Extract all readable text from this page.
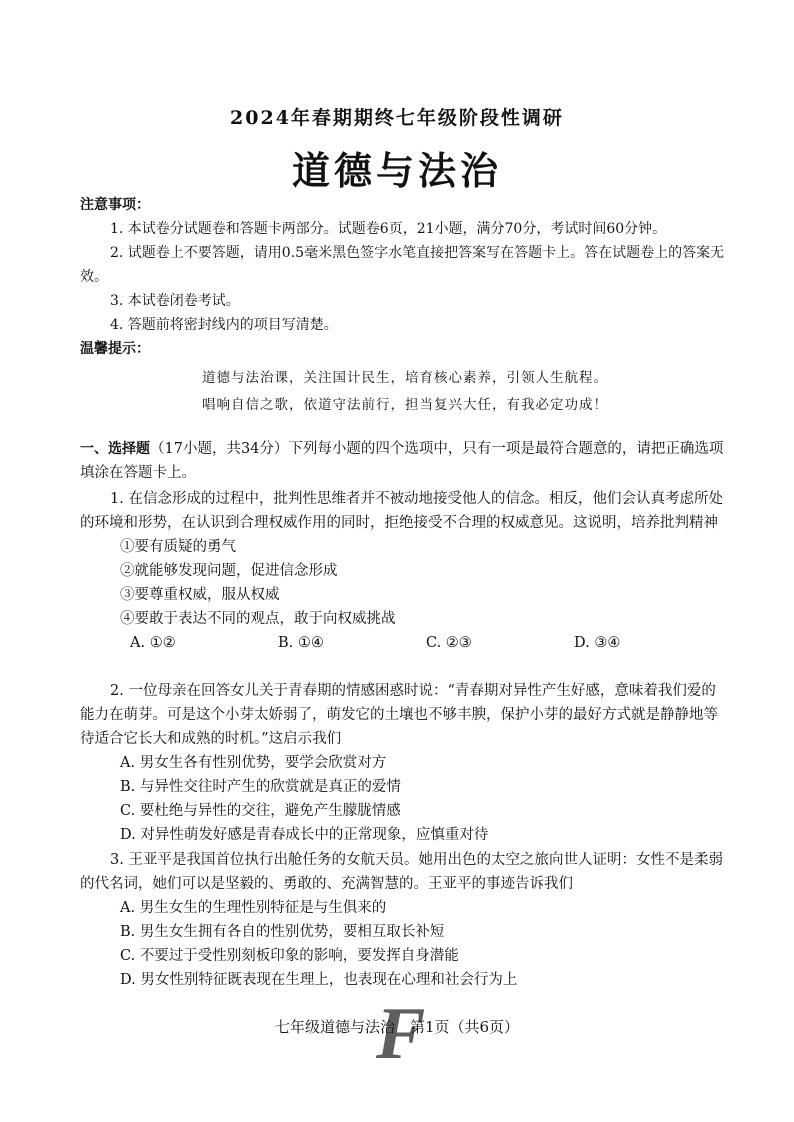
2024年春期期终七年级阶段性调研
道德与法治
注意事项：
1. 本试卷分试题卷和答题卡两部分。试题卷6页，21小题，满分70分，考试时间60分钟。
2. 试题卷上不要答题，请用0.5毫米黑色签字水笔直接把答案写在答题卡上。答在试题卷上的答案无效。
3. 本试卷闭卷考试。
4. 答题前将密封线内的项目写清楚。
温馨提示：
道德与法治课，关注国计民生，培育核心素养，引领人生航程。
唱响自信之歌，依道守法前行，担当复兴大任，有我必定功成！
一、选择题（17小题，共34分）下列每小题的四个选项中，只有一项是最符合题意的，请把正确选项填涂在答题卡上。
1. 在信念形成的过程中，批判性思维者并不被动地接受他人的信念。相反，他们会认真考虑所处的环境和形势，在认识到合理权威作用的同时，拒绝接受不合理的权威意见。这说明，培养批判精神
①要有质疑的勇气
②就能够发现问题，促进信念形成
③要尊重权威，服从权威
④要敢于表达不同的观点，敢于向权威挑战
A. ①②	B. ①④	C. ②③	D. ③④
2. 一位母亲在回答女儿关于青春期的情感困惑时说：“青春期对异性产生好感，意味着我们爱的能力在萌芽。可是这个小芽太娇弱了，萌发它的土壤也不够丰腴，保护小芽的最好方式就是静静地等待适合它长大和成熟的时机。”这启示我们
A. 男女生各有性别优势，要学会欣赏对方
B. 与异性交往时产生的欣赏就是真正的爱情
C. 要杜绝与异性的交往，避免产生朦胧情感
D. 对异性萌发好感是青春成长中的正常现象，应慎重对待
3. 王亚平是我国首位执行出舱任务的女航天员。她用出色的太空之旅向世人证明：女性不是柔弱的代名词，她们可以是坚毅的、勇敢的、充满智慧的。王亚平的事迹告诉我们
A. 男生女生的生理性别特征是与生俱来的
B. 男生女生拥有各自的性别优势，要相互取长补短
C. 不要过于受性别刻板印象的影响，要发挥自身潜能
D. 男女性别特征既表现在生理上，也表现在心理和社会行为上
F
七年级道德与法治　第1页（共6页）
